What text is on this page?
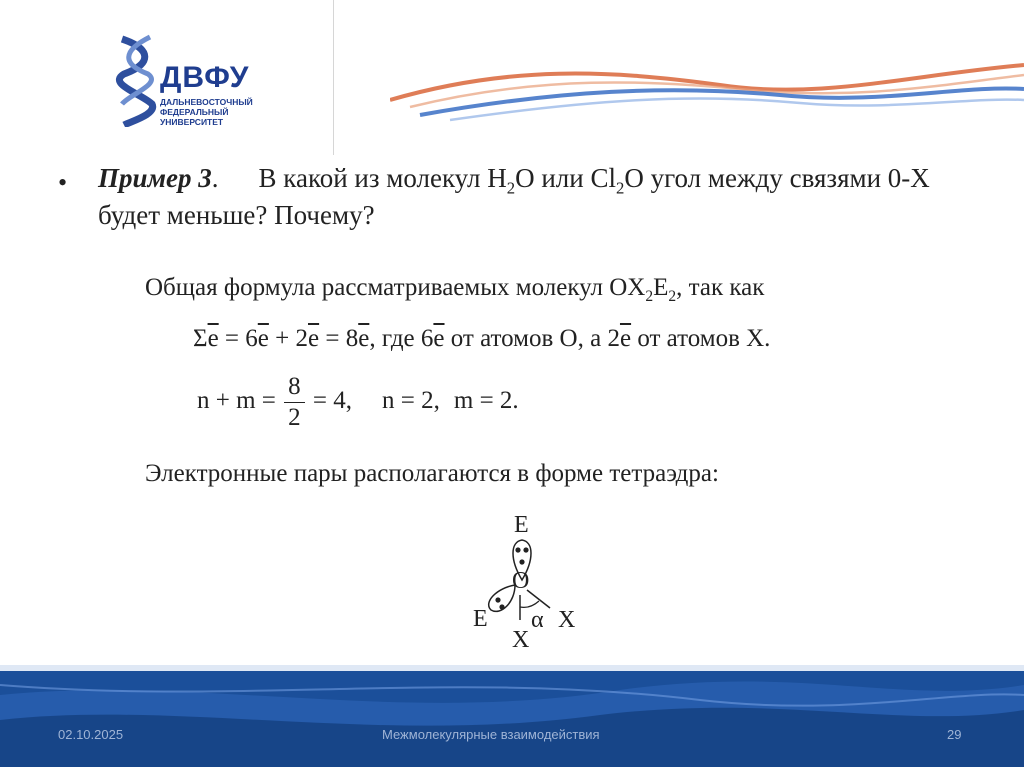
ДВФУ
ДАЛЬНЕВОСТОЧНЫЙ
ФЕДЕРАЛЬНЫЙ
УНИВЕРСИТЕТ
• Пример 3. В какой из молекул $H_2O$ или $Cl_2O$ угол между связями 0-Х
будет меньше? Почему?
Общая формула рассматриваемых молекул $OX_2E_2$, так как
$\Sigma\overline{e} = 6\overline{e} + 2\overline{e} = 8\overline{e}$, где $6\overline{e}$ от атомов O, а $2\overline{e}$ от атомов X.
$n + m = \frac{8}{2} = 4$, n = 2, m = 2.
Электронные пары располагаются в форме тетраэдра:
E
O
E α X
X
02.10.2025	Межмолекулярные взаимодействия	29
